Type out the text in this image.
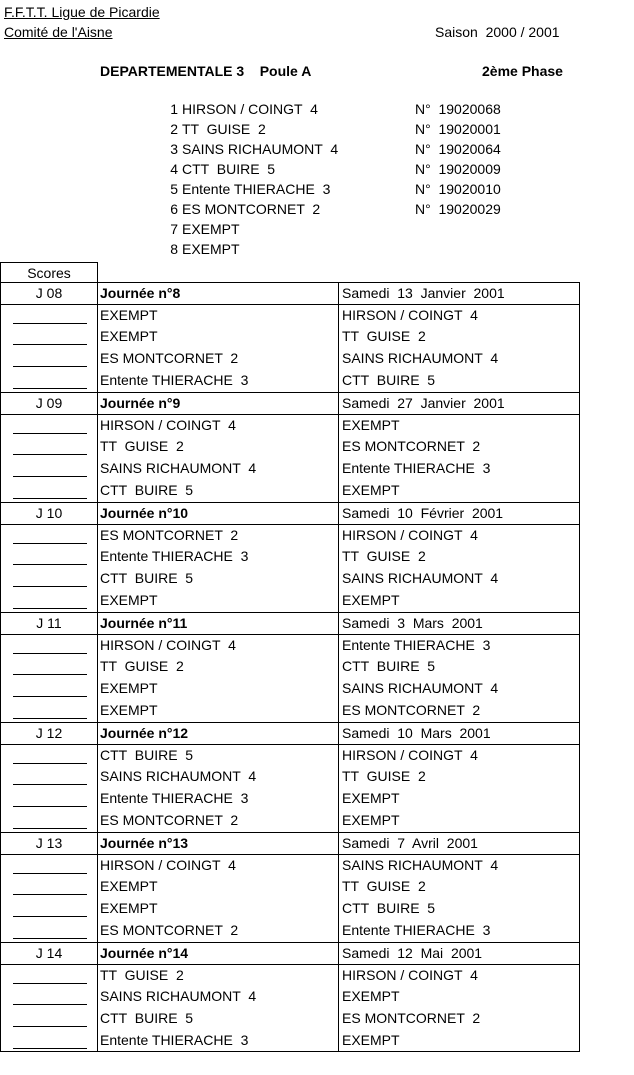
F.F.T.T. Ligue de Picardie
Comité de l'Aisne	Saison  2000 / 2001
DEPARTEMENTALE 3    Poule A	2ème Phase
1 HIRSON / COINGT  4	N°  19020068
2 TT  GUISE  2	N°  19020001
3 SAINS RICHAUMONT  4	N°  19020064
4 CTT  BUIRE  5	N°  19020009
5 Entente THIERACHE  3	N°  19020010
6 ES MONTCORNET  2	N°  19020029
7 EXEMPT
8 EXEMPT
Scores
J 08	Journée n°8	Samedi  13  Janvier  2001
EXEMPT	HIRSON / COINGT  4
EXEMPT	TT  GUISE  2
ES MONTCORNET  2	SAINS RICHAUMONT  4
Entente THIERACHE  3	CTT  BUIRE  5
J 09	Journée n°9	Samedi  27  Janvier  2001
HIRSON / COINGT  4	EXEMPT
TT  GUISE  2	ES MONTCORNET  2
SAINS RICHAUMONT  4	Entente THIERACHE  3
CTT  BUIRE  5	EXEMPT
J 10	Journée n°10	Samedi  10  Février  2001
ES MONTCORNET  2	HIRSON / COINGT  4
Entente THIERACHE  3	TT  GUISE  2
CTT  BUIRE  5	SAINS RICHAUMONT  4
EXEMPT	EXEMPT
J 11	Journée n°11	Samedi  3  Mars  2001
HIRSON / COINGT  4	Entente THIERACHE  3
TT  GUISE  2	CTT  BUIRE  5
EXEMPT	SAINS RICHAUMONT  4
EXEMPT	ES MONTCORNET  2
J 12	Journée n°12	Samedi  10  Mars  2001
CTT  BUIRE  5	HIRSON / COINGT  4
SAINS RICHAUMONT  4	TT  GUISE  2
Entente THIERACHE  3	EXEMPT
ES MONTCORNET  2	EXEMPT
J 13	Journée n°13	Samedi  7  Avril  2001
HIRSON / COINGT  4	SAINS RICHAUMONT  4
EXEMPT	TT  GUISE  2
EXEMPT	CTT  BUIRE  5
ES MONTCORNET  2	Entente THIERACHE  3
J 14	Journée n°14	Samedi  12  Mai  2001
TT  GUISE  2	HIRSON / COINGT  4
SAINS RICHAUMONT  4	EXEMPT
CTT  BUIRE  5	ES MONTCORNET  2
Entente THIERACHE  3	EXEMPT
